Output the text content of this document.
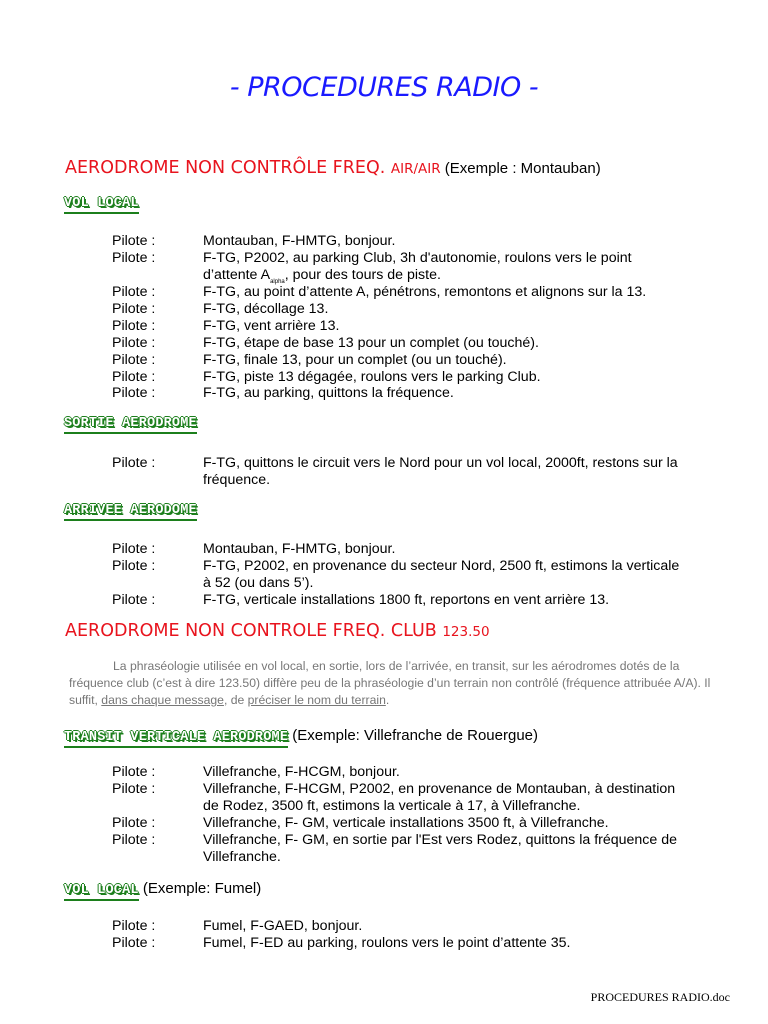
- PROCEDURES RADIO -
AERODROME NON CONTRÔLE FREQ. AIR/AIR (Exemple : Montauban)
VOL LOCAL
Pilote :	Montauban, F-HMTG, bonjour.
Pilote :	F-TG, P2002, au parking Club, 3h d'autonomie, roulons vers le point
d’attente $A_{alpha}$, pour des tours de piste.
Pilote :	F-TG, au point d’attente A, pénétrons, remontons et alignons sur la 13.
Pilote :	F-TG, décollage 13.
Pilote :	F-TG, vent arrière 13.
Pilote :	F-TG, étape de base 13 pour un complet (ou touché).
Pilote :	F-TG, finale 13, pour un complet (ou un touché).
Pilote :	F-TG, piste 13 dégagée, roulons vers le parking Club.
Pilote :	F-TG, au parking, quittons la fréquence.
SORTIE AERODROME
Pilote :	F-TG, quittons le circuit vers le Nord pour un vol local, 2000ft, restons sur la
fréquence.
ARRIVEE AERODOME
Pilote :	Montauban, F-HMTG, bonjour.
Pilote :	F-TG, P2002, en provenance du secteur Nord, 2500 ft, estimons la verticale
à 52 (ou dans 5’).
Pilote :	F-TG, verticale installations 1800 ft, reportons en vent arrière 13.
AERODROME NON CONTROLE FREQ. CLUB 123.50
La phraséologie utilisée en vol local, en sortie, lors de l’arrivée, en transit, sur les aérodromes dotés de la fréquence club (c’est à dire 123.50) diffère peu de la phraséologie d’un terrain non contrôlé (fréquence attribuée A/A). Il suffit, dans chaque message, de préciser le nom du terrain.
TRANSIT VERTICALE AERODROME (Exemple: Villefranche de Rouergue)
Pilote :	Villefranche, F-HCGM, bonjour.
Pilote :	Villefranche, F-HCGM, P2002, en provenance de Montauban, à destination
de Rodez, 3500 ft, estimons la verticale à 17, à Villefranche.
Pilote :	Villefranche, F- GM, verticale installations 3500 ft, à Villefranche.
Pilote :	Villefranche, F- GM, en sortie par l'Est vers Rodez, quittons la fréquence de
Villefranche.
VOL LOCAL (Exemple: Fumel)
Pilote :	Fumel, F-GAED, bonjour.
Pilote :	Fumel, F-ED au parking, roulons vers le point d’attente 35.
PROCEDURES RADIO.doc
